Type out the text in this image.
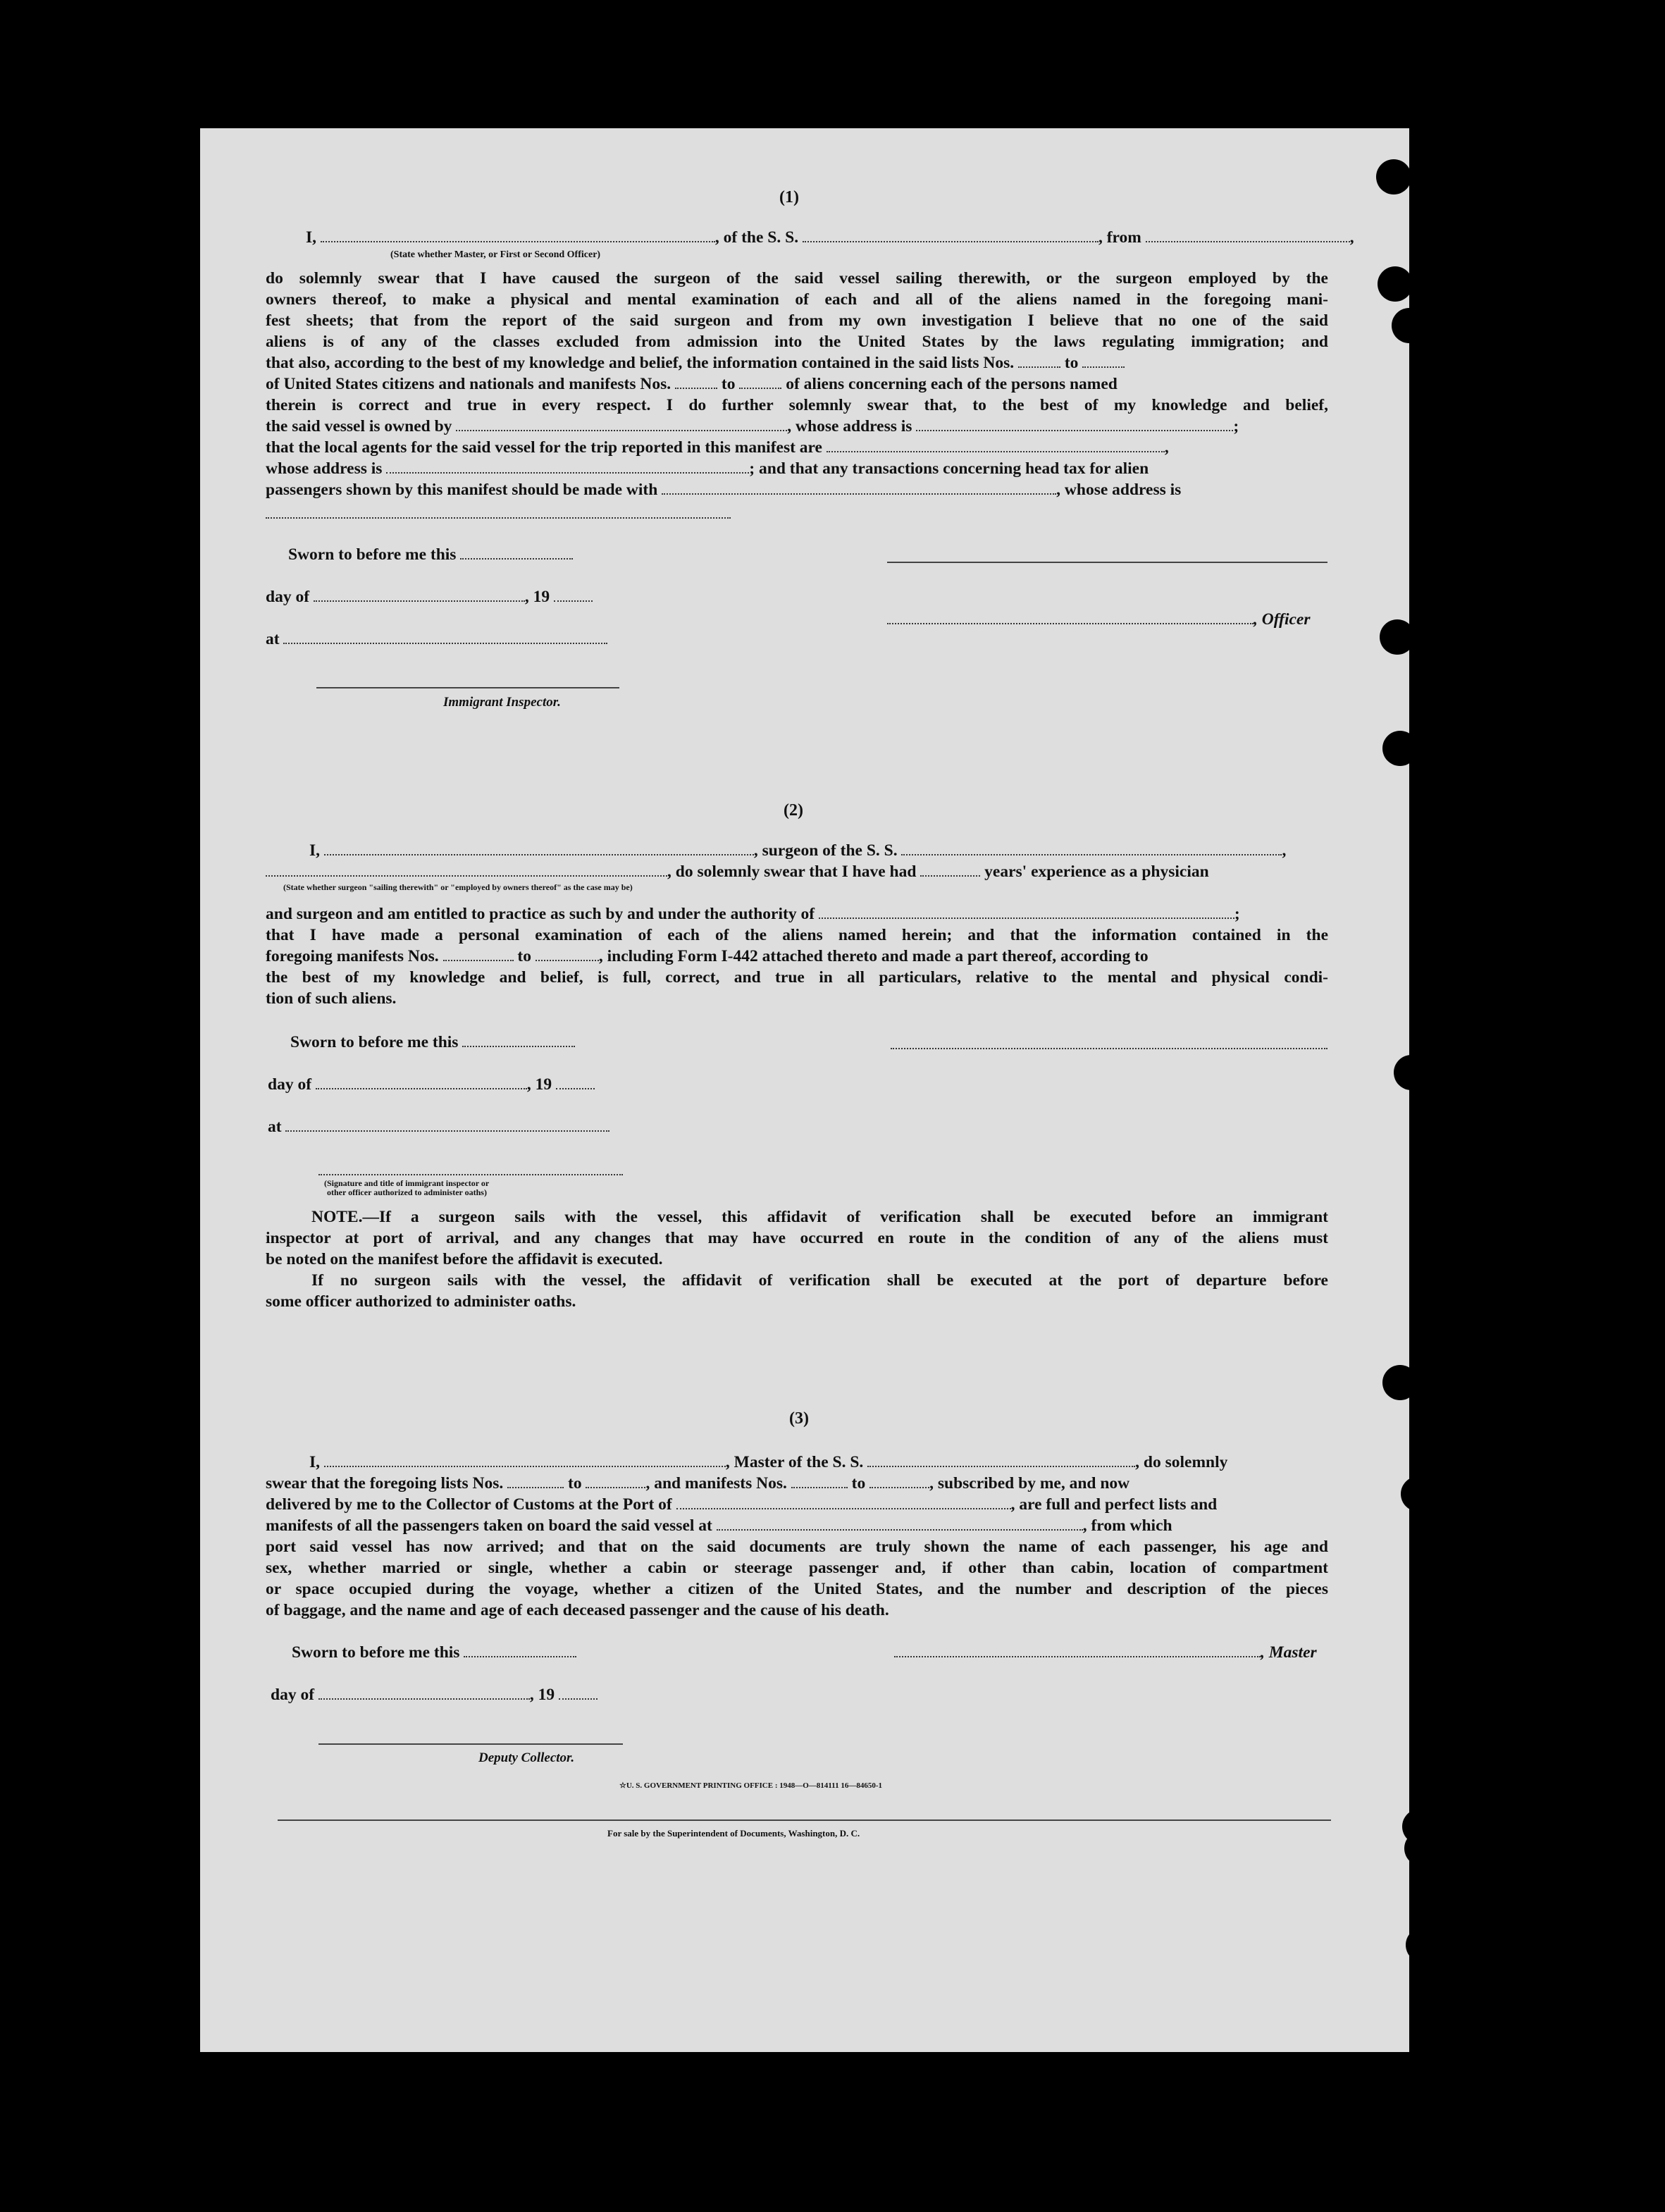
(1)
I,	, of the S. S.	, from	,
(State whether Master, or First or Second Officer)
do solemnly swear that I have caused the surgeon of the said vessel sailing therewith, or the surgeon employed by the
owners thereof, to make a physical and mental examination of each and all of the aliens named in the foregoing mani-
fest sheets; that from the report of the said surgeon and from my own investigation I believe that no one of the said
aliens is of any of the classes excluded from admission into the United States by the laws regulating immigration; and
that also, according to the best of my knowledge and belief, the information contained in the said lists Nos.	to
of United States citizens and nationals and manifests Nos.	to	of aliens concerning each of the persons named
therein is correct and true in every respect. I do further solemnly swear that, to the best of my knowledge and belief,
the said vessel is owned by	, whose address is	;
that the local agents for the said vessel for the trip reported in this manifest are	,
whose address is	; and that any transactions concerning head tax for alien
passengers shown by this manifest should be made with	, whose address is
Sworn to before me this
day of	, 19
, Officer
at
Immigrant Inspector.
(2)
I,	, surgeon of the S. S.	,
, do solemnly swear that I have had	years' experience as a physician
(State whether surgeon "sailing therewith" or "employed by owners thereof" as the case may be)
and surgeon and am entitled to practice as such by and under the authority of	;
that I have made a personal examination of each of the aliens named herein; and that the information contained in the
foregoing manifests Nos.	to	, including Form I-442 attached thereto and made a part thereof, according to
the best of my knowledge and belief, is full, correct, and true in all particulars, relative to the mental and physical condi-
tion of such aliens.
Sworn to before me this
day of	, 19
at
(Signature and title of immigrant inspector or
other officer authorized to administer oaths)
NOTE.—If a surgeon sails with the vessel, this affidavit of verification shall be executed before an immigrant
inspector at port of arrival, and any changes that may have occurred en route in the condition of any of the aliens must
be noted on the manifest before the affidavit is executed.
If no surgeon sails with the vessel, the affidavit of verification shall be executed at the port of departure before
some officer authorized to administer oaths.
(3)
I,	, Master of the S. S.	, do solemnly
swear that the foregoing lists Nos.	to	, and manifests Nos.	to	, subscribed by me, and now
delivered by me to the Collector of Customs at the Port of	, are full and perfect lists and
manifests of all the passengers taken on board the said vessel at	, from which
port said vessel has now arrived; and that on the said documents are truly shown the name of each passenger, his age and
sex, whether married or single, whether a cabin or steerage passenger and, if other than cabin, location of compartment
or space occupied during the voyage, whether a citizen of the United States, and the number and description of the pieces
of baggage, and the name and age of each deceased passenger and the cause of his death.
Sworn to before me this	, Master
day of	, 19
Deputy Collector.
☆U. S. GOVERNMENT PRINTING OFFICE : 1948—O—814111 16—84650-1
For sale by the Superintendent of Documents, Washington, D. C.
